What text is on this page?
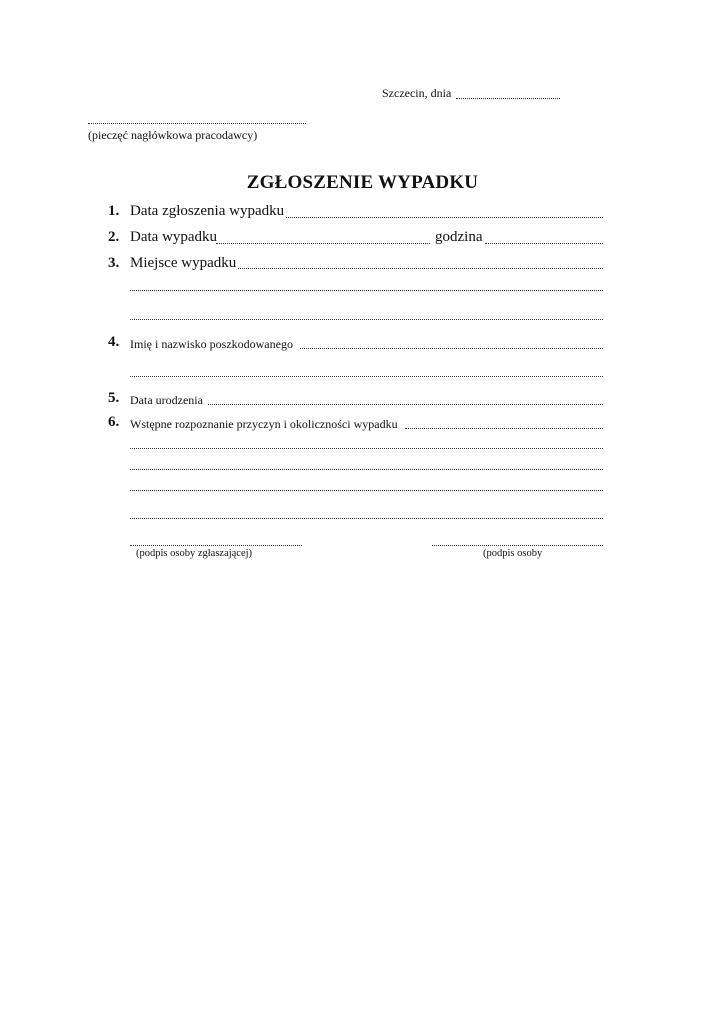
Szczecin, dnia
(pieczęć nagłówkowa pracodawcy)
ZGŁOSZENIE WYPADKU
1. Data zgłoszenia wypadku
2. Data wypadku	godzina
3. Miejsce wypadku
4. Imię i nazwisko poszkodowanego
5. Data urodzenia
6. Wstępne rozpoznanie przyczyn i okoliczności wypadku
(podpis osoby zgłaszającej)	(podpis osoby
